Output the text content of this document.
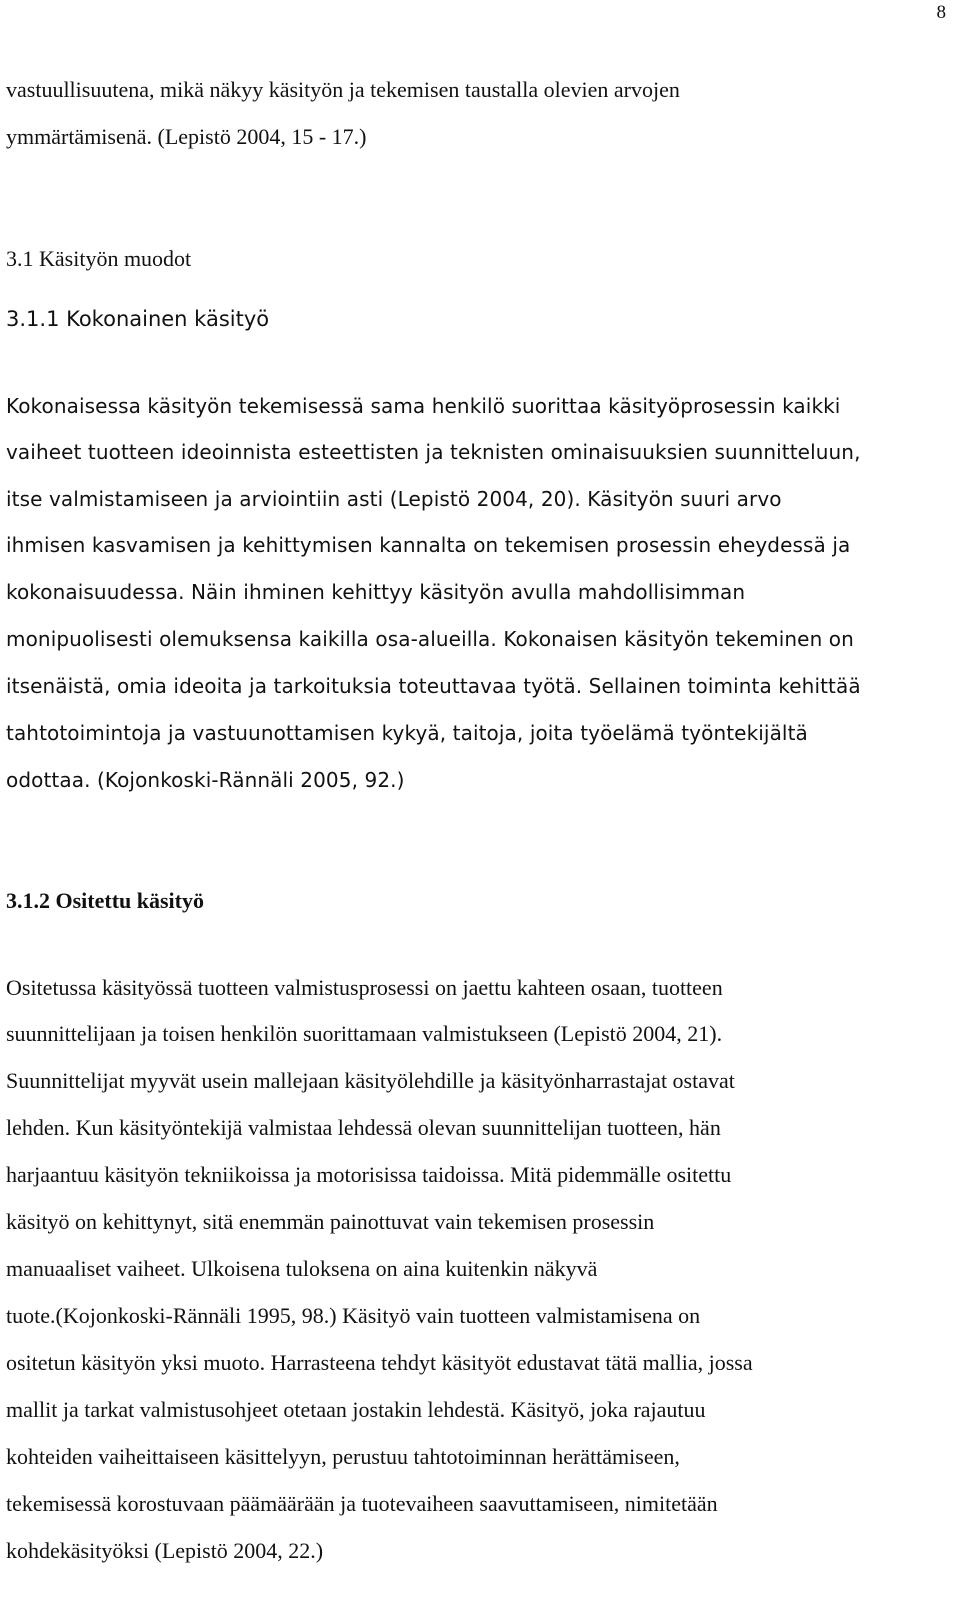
8
vastuullisuutena, mikä näkyy käsityön ja tekemisen taustalla olevien arvojen
ymmärtämisenä. (Lepistö 2004, 15 - 17.)
3.1 Käsityön muodot
3.1.1 Kokonainen käsityö
Kokonaisessa käsityön tekemisessä sama henkilö suorittaa käsityöprosessin kaikki
vaiheet tuotteen ideoinnista esteettisten ja teknisten ominaisuuksien suunnitteluun,
itse valmistamiseen ja arviointiin asti (Lepistö 2004, 20). Käsityön suuri arvo
ihmisen kasvamisen ja kehittymisen kannalta on tekemisen prosessin eheydessä ja
kokonaisuudessa. Näin ihminen kehittyy käsityön avulla mahdollisimman
monipuolisesti olemuksensa kaikilla osa-alueilla. Kokonaisen käsityön tekeminen on
itsenäistä, omia ideoita ja tarkoituksia toteuttavaa työtä. Sellainen toiminta kehittää
tahtotoimintoja ja vastuunottamisen kykyä, taitoja, joita työelämä työntekijältä
odottaa. (Kojonkoski-Rännäli 2005, 92.)
3.1.2 Ositettu käsityö
Ositetussa käsityössä tuotteen valmistusprosessi on jaettu kahteen osaan, tuotteen
suunnittelijaan ja toisen henkilön suorittamaan valmistukseen (Lepistö 2004, 21).
Suunnittelijat myyvät usein mallejaan käsityölehdille ja käsityönharrastajat ostavat
lehden. Kun käsityöntekijä valmistaa lehdessä olevan suunnittelijan tuotteen, hän
harjaantuu käsityön tekniikoissa ja motorisissa taidoissa. Mitä pidemmälle ositettu
käsityö on kehittynyt, sitä enemmän painottuvat vain tekemisen prosessin
manuaaliset vaiheet. Ulkoisena tuloksena on aina kuitenkin näkyvä
tuote.(Kojonkoski-Rännäli 1995, 98.) Käsityö vain tuotteen valmistamisena on
ositetun käsityön yksi muoto. Harrasteena tehdyt käsityöt edustavat tätä mallia, jossa
mallit ja tarkat valmistusohjeet otetaan jostakin lehdestä. Käsityö, joka rajautuu
kohteiden vaiheittaiseen käsittelyyn, perustuu tahtotoiminnan herättämiseen,
tekemisessä korostuvaan päämäärään ja tuotevaiheen saavuttamiseen, nimitetään
kohdekäsityöksi (Lepistö 2004, 22.)
